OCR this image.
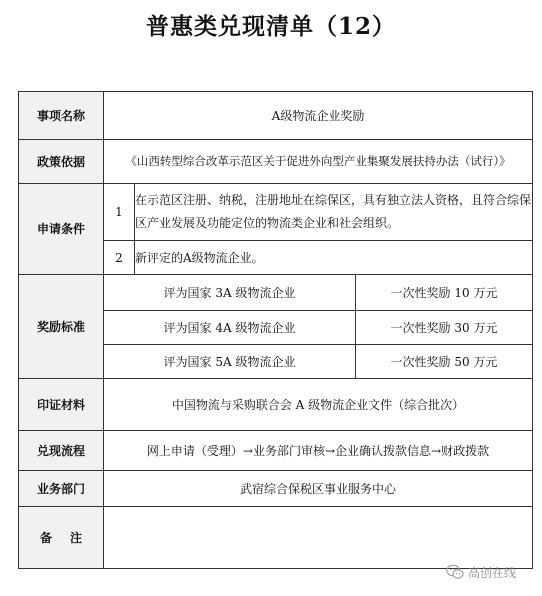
普惠类兑现清单（12）
事项名称	A级物流企业奖励		
政策依据	《山西转型综合改革示范区关于促进外向型产业集聚发展扶持办法（试行）》		
申请条件	1	在示范区注册、纳税，注册地址在综保区，具有独立法人资格，且符合综保区产业发展及功能定位的物流类企业和社会组织。	
	2	新评定的A级物流企业。	
奖励标准	评为国家 3A 级物流企业		一次性奖励 10 万元
	评为国家 4A 级物流企业		一次性奖励 30 万元
	评为国家 5A 级物流企业		一次性奖励 50 万元
印证材料	中国物流与采购联合会 A 级物流企业文件（综合批次）		
兑现流程	网上申请（受理）→业务部门审核→企业确认拨款信息→财政拨款		
业务部门	武宿综合保税区事业服务中心		
备注			
高创在线
